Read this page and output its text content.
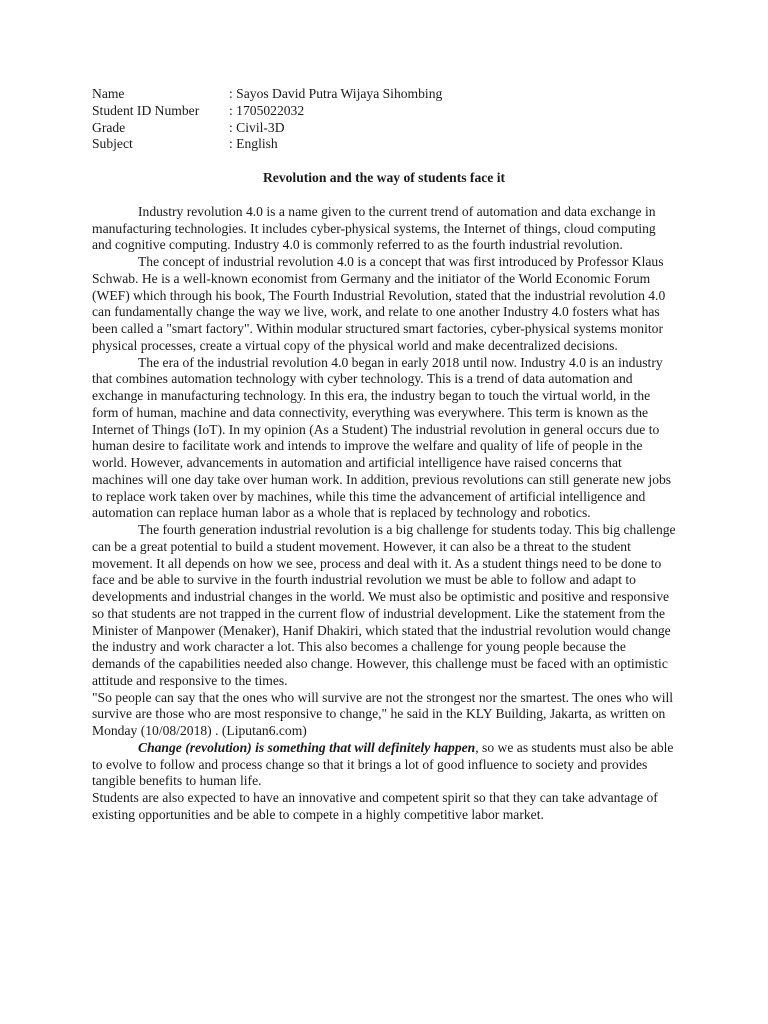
Name	: Sayos David Putra Wijaya Sihombing
Student ID Number	: 1705022032
Grade	: Civil-3D
Subject	: English
Revolution and the way of students face it

Industry revolution 4.0 is a name given to the current trend of automation and data exchange in manufacturing technologies. It includes cyber-physical systems, the Internet of things, cloud computing and cognitive computing. Industry 4.0 is commonly referred to as the fourth industrial revolution.

The concept of industrial revolution 4.0 is a concept that was first introduced by Professor Klaus Schwab. He is a well-known economist from Germany and the initiator of the World Economic Forum (WEF) which through his book, The Fourth Industrial Revolution, stated that the industrial revolution 4.0 can fundamentally change the way we live, work, and relate to one another Industry 4.0 fosters what has been called a "smart factory". Within modular structured smart factories, cyber-physical systems monitor physical processes, create a virtual copy of the physical world and make decentralized decisions.

The era of the industrial revolution 4.0 began in early 2018 until now. Industry 4.0 is an industry that combines automation technology with cyber technology. This is a trend of data automation and exchange in manufacturing technology. In this era, the industry began to touch the virtual world, in the form of human, machine and data connectivity, everything was everywhere. This term is known as the Internet of Things (IoT). In my opinion (As a Student) The industrial revolution in general occurs due to human desire to facilitate work and intends to improve the welfare and quality of life of people in the world. However, advancements in automation and artificial intelligence have raised concerns that machines will one day take over human work. In addition, previous revolutions can still generate new jobs to replace work taken over by machines, while this time the advancement of artificial intelligence and automation can replace human labor as a whole that is replaced by technology and robotics.

The fourth generation industrial revolution is a big challenge for students today. This big challenge can be a great potential to build a student movement. However, it can also be a threat to the student movement. It all depends on how we see, process and deal with it. As a student things need to be done to face and be able to survive in the fourth industrial revolution we must be able to follow and adapt to developments and industrial changes in the world. We must also be optimistic and positive and responsive so that students are not trapped in the current flow of industrial development. Like the statement from the Minister of Manpower (Menaker), Hanif Dhakiri, which stated that the industrial revolution would change the industry and work character a lot. This also becomes a challenge for young people because the demands of the capabilities needed also change. However, this challenge must be faced with an optimistic attitude and responsive to the times.

"So people can say that the ones who will survive are not the strongest nor the smartest. The ones who will survive are those who are most responsive to change," he said in the KLY Building, Jakarta, as written on Monday (10/08/2018) . (Liputan6.com)

Change (revolution) is something that will definitely happen, so we as students must also be able to evolve to follow and process change so that it brings a lot of good influence to society and provides tangible benefits to human life.

Students are also expected to have an innovative and competent spirit so that they can take advantage of existing opportunities and be able to compete in a highly competitive labor market.
